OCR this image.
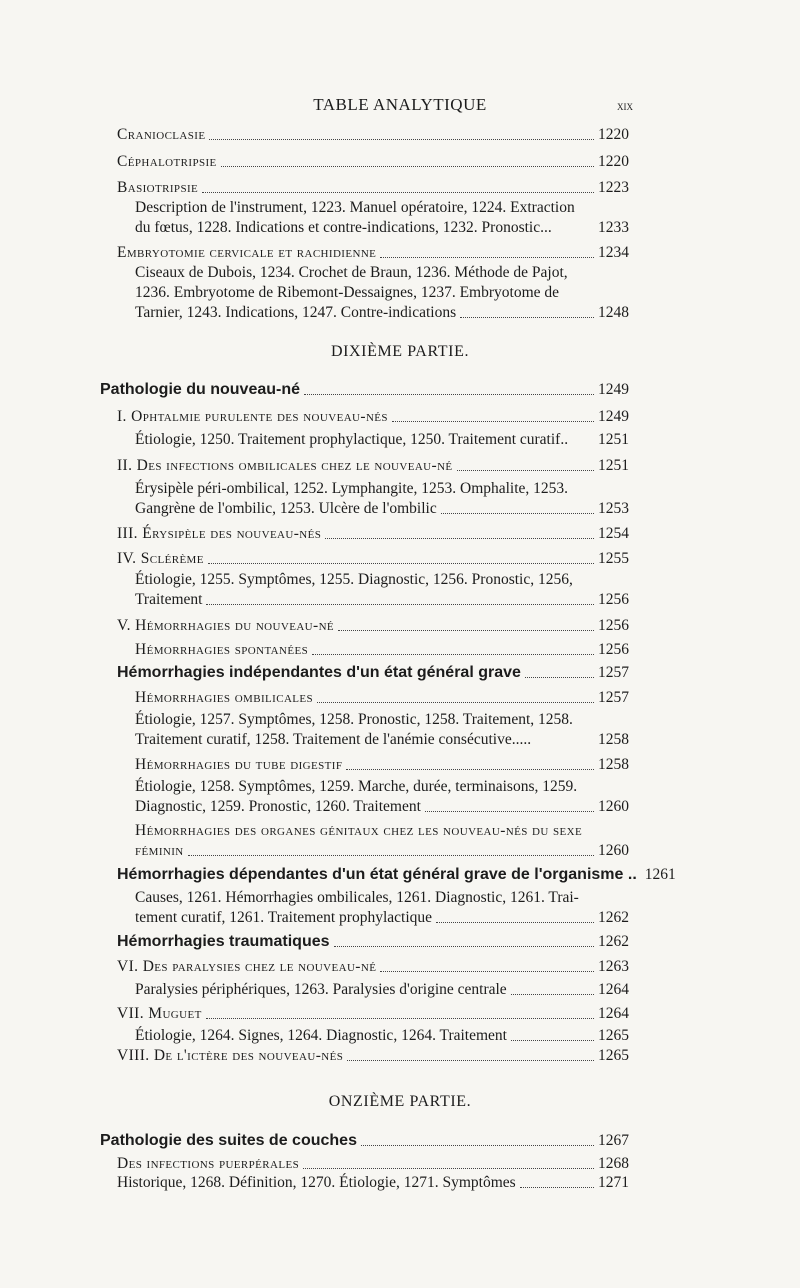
TABLE ANALYTIQUE	xix
Cranioclasie	1220
Céphalotripsie	1220
Basiotripsie	1223
Description de l'instrument, 1223. Manuel opératoire, 1224. Extraction
du fœtus, 1228. Indications et contre-indications, 1232. Pronostic...	1233
Embryotomie cervicale et rachidienne	1234
Ciseaux de Dubois, 1234. Crochet de Braun, 1236. Méthode de Pajot,
1236. Embryotome de Ribemont-Dessaignes, 1237. Embryotome de
Tarnier, 1243. Indications, 1247. Contre-indications	1248
DIXIÈME PARTIE.
Pathologie du nouveau-né	1249
I. Ophtalmie purulente des nouveau-nés	1249
Étiologie, 1250. Traitement prophylactique, 1250. Traitement curatif.. 1251
II. Des infections ombilicales chez le nouveau-né	1251
Érysipèle péri-ombilical, 1252. Lymphangite, 1253. Omphalite, 1253.
Gangrène de l'ombilic, 1253. Ulcère de l'ombilic	1253
III. Érysipèle des nouveau-nés	1254
IV. Sclérème	1255
Étiologie, 1255. Symptômes, 1255. Diagnostic, 1256. Pronostic, 1256,
Traitement	1256
V. Hémorrhagies du nouveau-né	1256
Hémorrhagies spontanées	1256
Hémorrhagies indépendantes d'un état général grave	1257
Hémorrhagies ombilicales	1257
Étiologie, 1257. Symptômes, 1258. Pronostic, 1258. Traitement, 1258.
Traitement curatif, 1258. Traitement de l'anémie consécutive.....	1258
Hémorrhagies du tube digestif	1258
Étiologie, 1258. Symptômes, 1259. Marche, durée, terminaisons, 1259.
Diagnostic, 1259. Pronostic, 1260. Traitement	1260
Hémorrhagies des organes génitaux chez les nouveau-nés du sexe
féminin	1260
Hémorrhagies dépendantes d'un état général grave de l'organisme .. 1261
Causes, 1261. Hémorrhagies ombilicales, 1261. Diagnostic, 1261. Trai-
tement curatif, 1261. Traitement prophylactique	1262
Hémorrhagies traumatiques	1262
VI. Des paralysies chez le nouveau-né	1263
Paralysies périphériques, 1263. Paralysies d'origine centrale	1264
VII. Muguet	1264
Étiologie, 1264. Signes, 1264. Diagnostic, 1264. Traitement	1265
VIII. De l'ictère des nouveau-nés	1265
ONZIÈME PARTIE.
Pathologie des suites de couches	1267
Des infections puerpérales	1268
Historique, 1268. Définition, 1270. Étiologie, 1271. Symptômes	1271
